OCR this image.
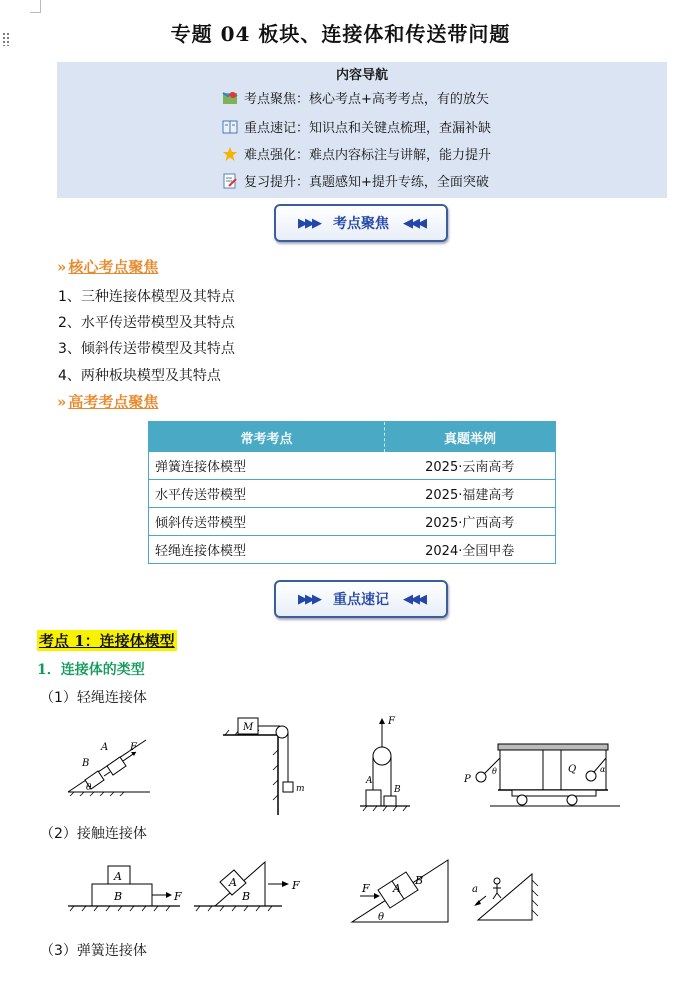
专题 04 板块、连接体和传送带问题
内容导航
考点聚焦：核心考点+高考考点，有的放矢
重点速记：知识点和关键点梳理，查漏补缺
难点强化：难点内容标注与讲解，能力提升
复习提升：真题感知+提升专练，全面突破
▶▶▶ 考点聚焦 ◀◀◀
» 核心考点聚焦
1、三种连接体模型及其特点
2、水平传送带模型及其特点
3、倾斜传送带模型及其特点
4、两种板块模型及其特点
» 高考考点聚焦
常考考点	真题举例
弹簧连接体模型	2025·云南高考
水平传送带模型	2025·福建高考
倾斜传送带模型	2025·广西高考
轻绳连接体模型	2024·全国甲卷
▶▶▶ 重点速记 ◀◀◀
考点 1：连接体模型
1．连接体的类型
（1）轻绳连接体
B
A F
θ
M
m
F
A
B
θ
P
Q	α
（2）接触连接体
A
B	F
A
B
F	A
B
F
θ
a
（3）弹簧连接体
